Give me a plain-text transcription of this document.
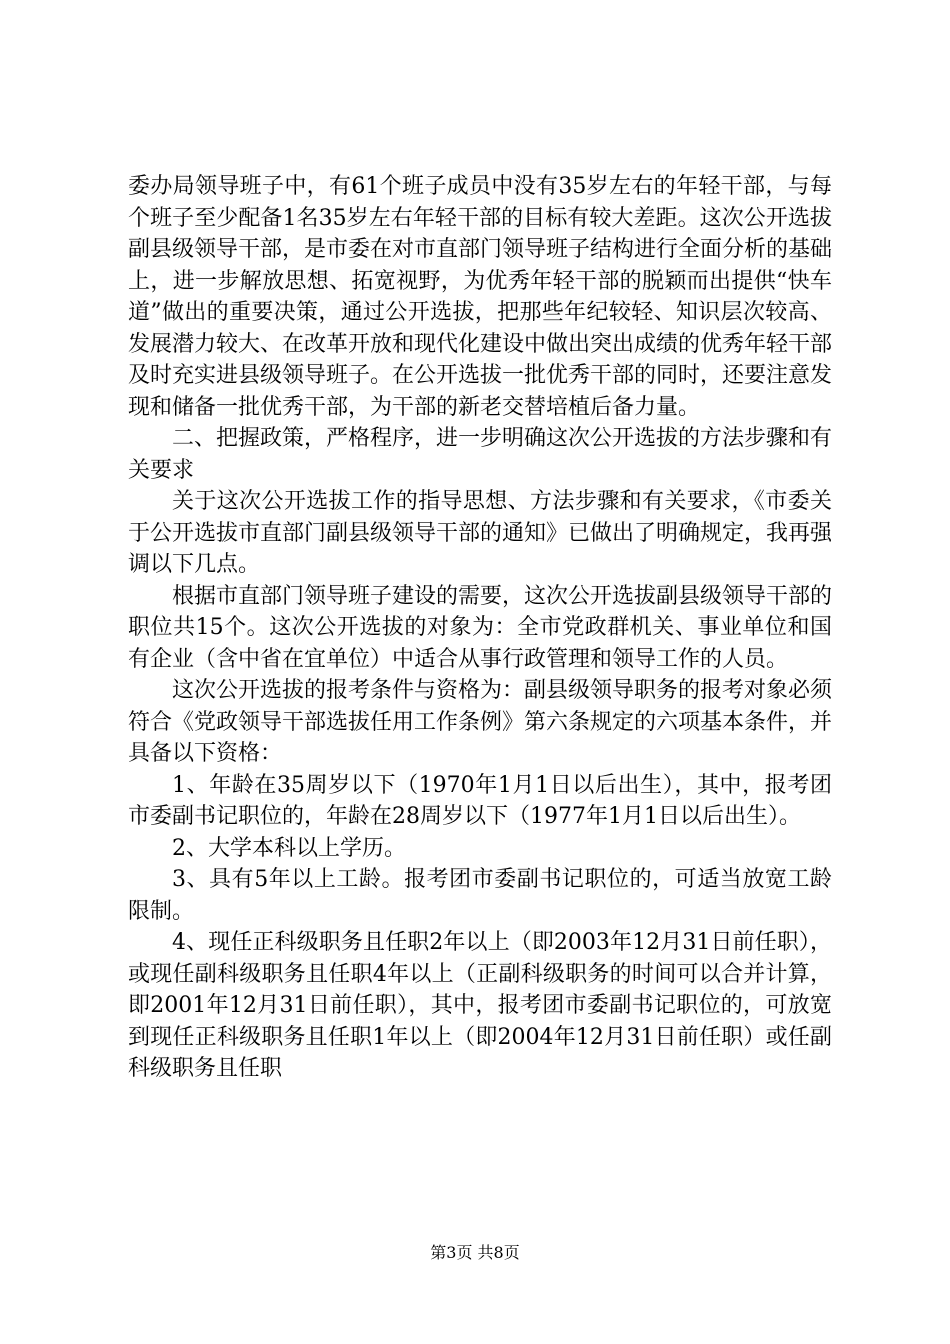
委办局领导班子中，有61个班子成员中没有35岁左右的年轻干部，与每个班子至少配备1名35岁左右年轻干部的目标有较大差距。这次公开选拔副县级领导干部，是市委在对市直部门领导班子结构进行全面分析的基础上，进一步解放思想、拓宽视野，为优秀年轻干部的脱颖而出提供“快车道”做出的重要决策，通过公开选拔，把那些年纪较轻、知识层次较高、发展潜力较大、在改革开放和现代化建设中做出突出成绩的优秀年轻干部及时充实进县级领导班子。在公开选拔一批优秀干部的同时，还要注意发现和储备一批优秀干部，为干部的新老交替培植后备力量。

二、把握政策，严格程序，进一步明确这次公开选拔的方法步骤和有关要求

关于这次公开选拔工作的指导思想、方法步骤和有关要求，《市委关于公开选拔市直部门副县级领导干部的通知》已做出了明确规定，我再强调以下几点。

根据市直部门领导班子建设的需要，这次公开选拔副县级领导干部的职位共15个。这次公开选拔的对象为：全市党政群机关、事业单位和国有企业（含中省在宜单位）中适合从事行政管理和领导工作的人员。

这次公开选拔的报考条件与资格为：副县级领导职务的报考对象必须符合《党政领导干部选拔任用工作条例》第六条规定的六项基本条件，并具备以下资格：

1、年龄在35周岁以下（1970年1月1日以后出生），其中，报考团市委副书记职位的，年龄在28周岁以下（1977年1月1日以后出生）。

2、大学本科以上学历。

3、具有5年以上工龄。报考团市委副书记职位的，可适当放宽工龄限制。

4、现任正科级职务且任职2年以上（即2003年12月31日前任职），或现任副科级职务且任职4年以上（正副科级职务的时间可以合并计算，即2001年12月31日前任职），其中，报考团市委副书记职位的，可放宽到现任正科级职务且任职1年以上（即2004年12月31日前任职）或任副科级职务且任职

第3页 共8页
